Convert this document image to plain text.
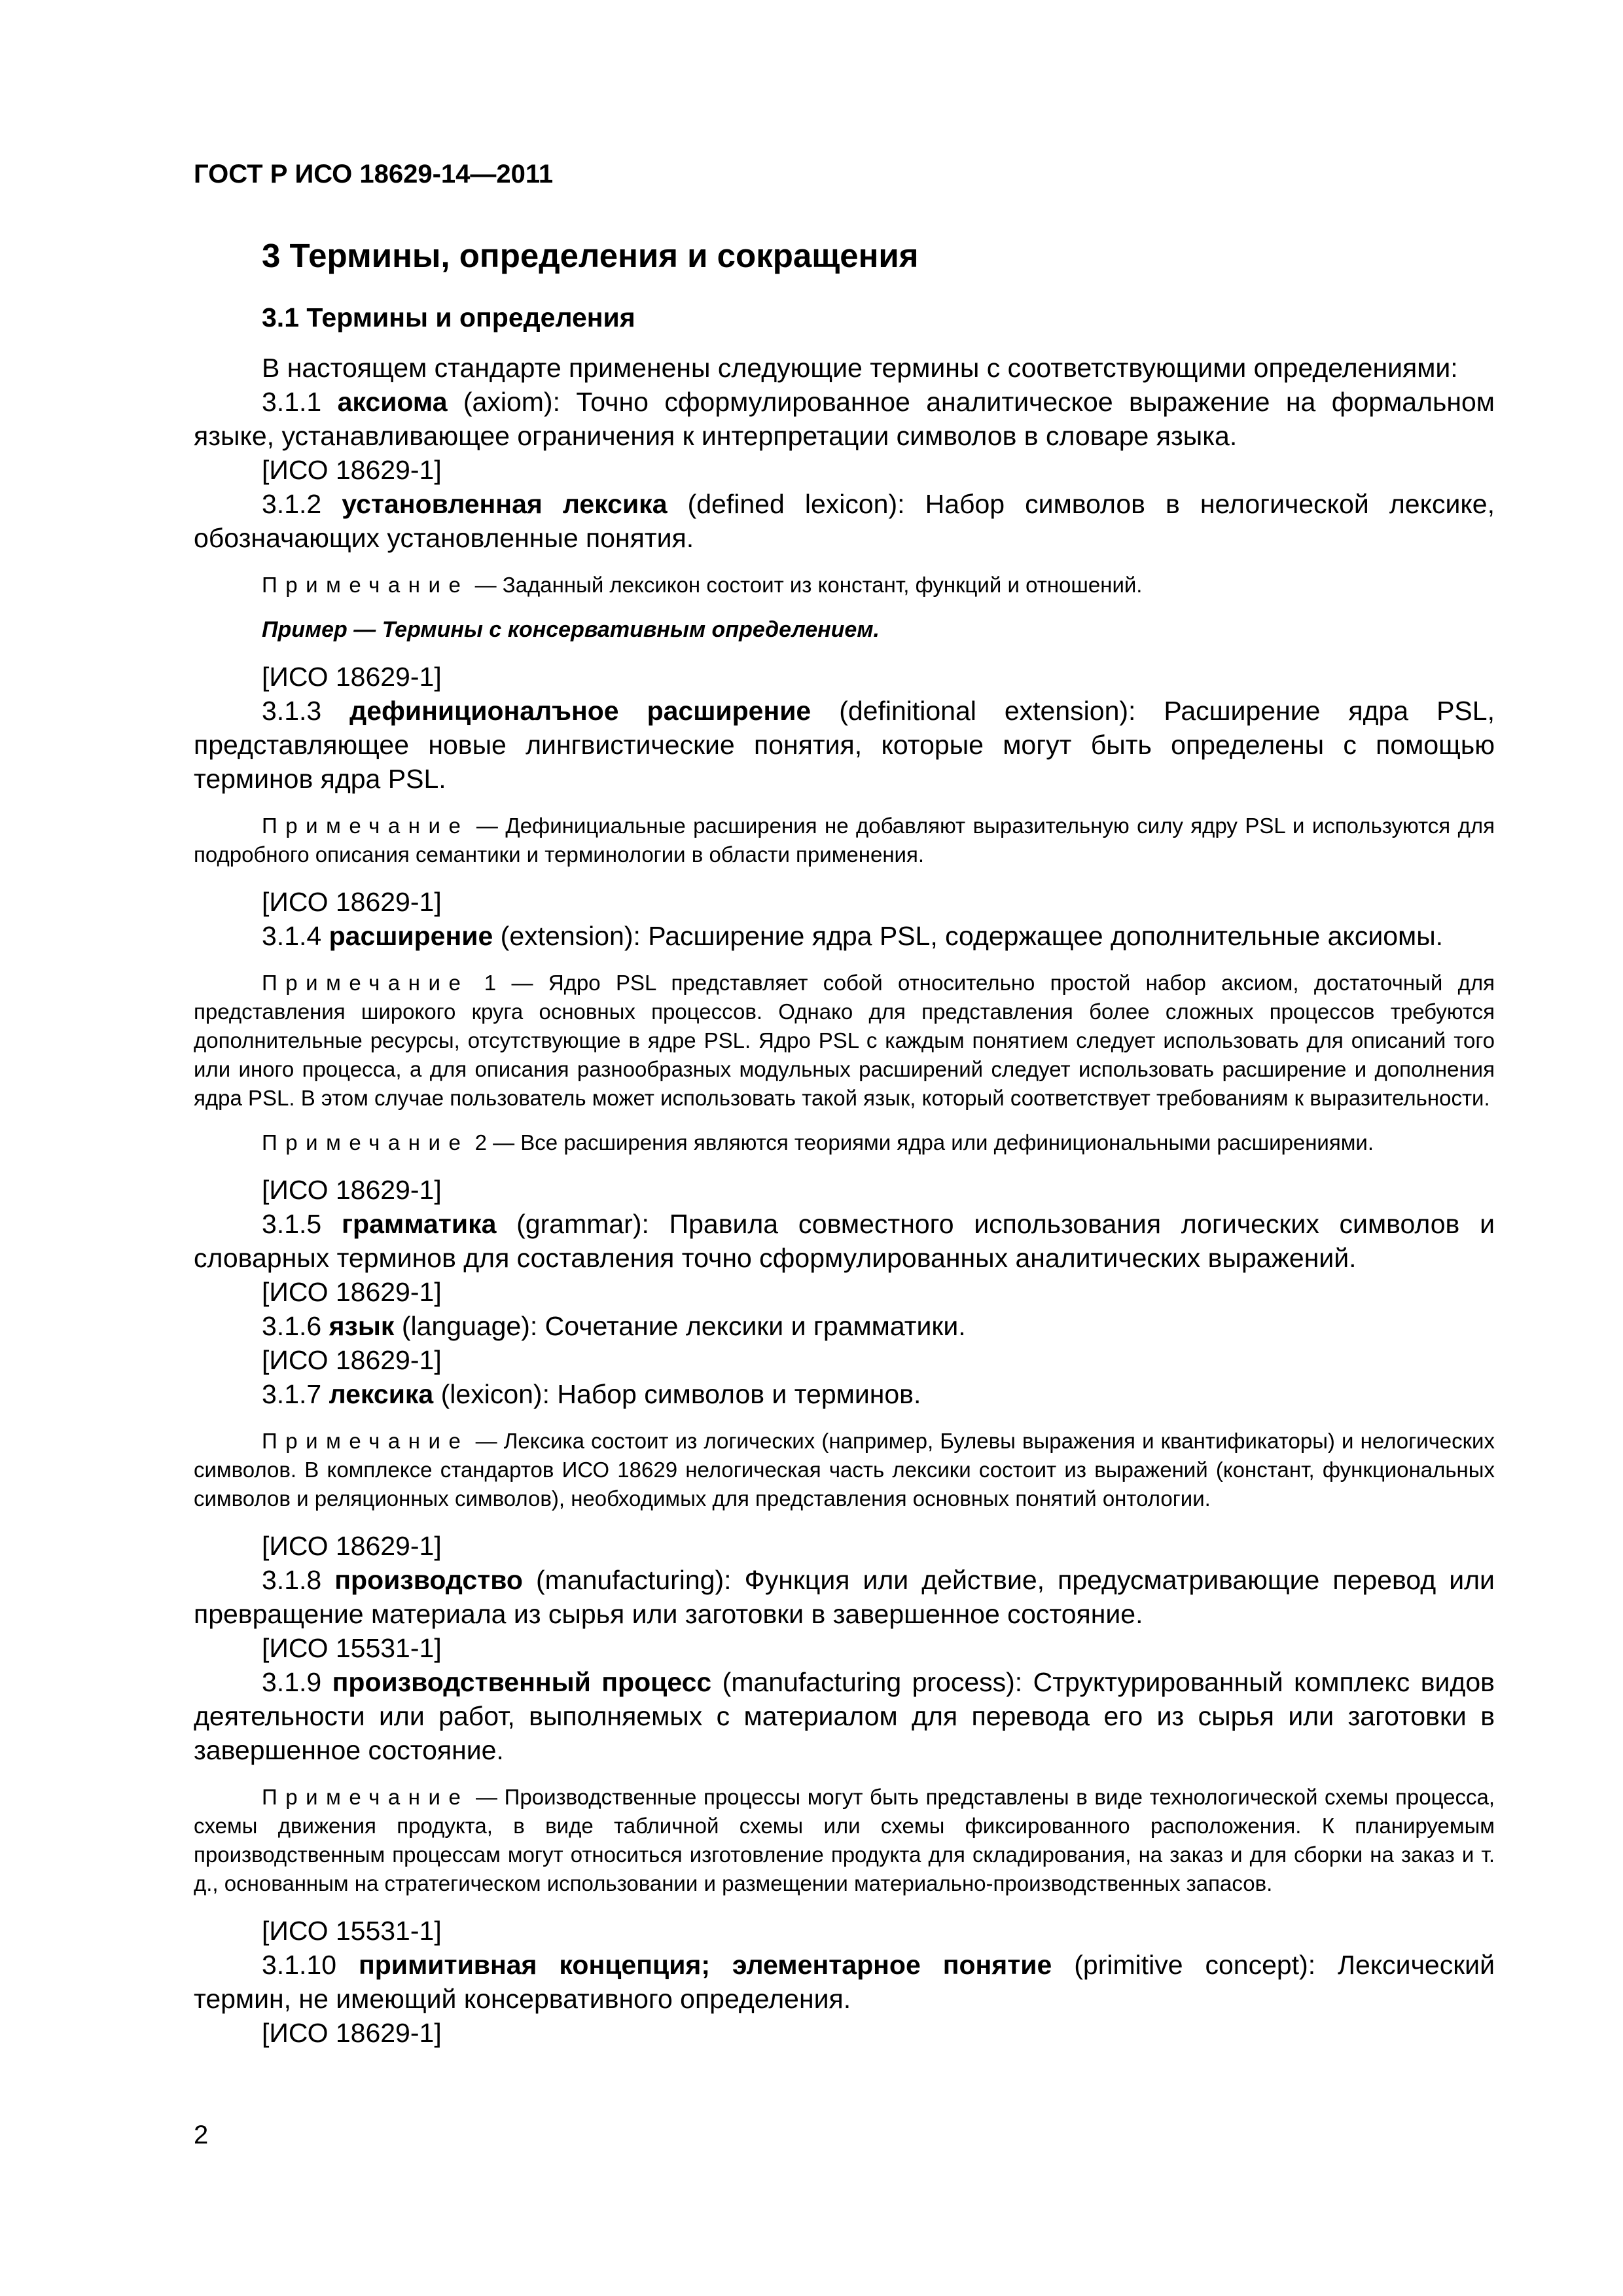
ГОСТ Р ИСО 18629-14—2011
3 Термины, определения и сокращения
3.1 Термины и определения

В настоящем стандарте применены следующие термины с соответствующими определениями:

3.1.1 аксиома (axiom): Точно сформулированное аналитическое выражение на формальном языке, устанавливающее ограничения к интерпретации символов в словаре языка.

[ИСО 18629-1]

3.1.2 установленная лексика (defined lexicon): Набор символов в нелогической лексике, обозначающих установленные понятия.

Примечание — Заданный лексикон состоит из констант, функций и отношений.

Пример — Термины с консервативным определением.

[ИСО 18629-1]

3.1.3 дефиниционалъное расширение (definitional extension): Расширение ядра PSL, представляющее новые лингвистические понятия, которые могут быть определены с помощью терминов ядра PSL.

Примечание — Дефинициальные расширения не добавляют выразительную силу ядру PSL и используются для подробного описания семантики и терминологии в области применения.

[ИСО 18629-1]

3.1.4 расширение (extension): Расширение ядра PSL, содержащее дополнительные аксиомы.

Примечание 1 — Ядро PSL представляет собой относительно простой набор аксиом, достаточный для представления широкого круга основных процессов. Однако для представления более сложных процессов требуются дополнительные ресурсы, отсутствующие в ядре PSL. Ядро PSL с каждым понятием следует использовать для описаний того или иного процесса, а для описания разнообразных модульных расширений следует использовать расширение и дополнения ядра PSL. В этом случае пользователь может использовать такой язык, который соответствует требованиям к выразительности.

Примечание 2 — Все расширения являются теориями ядра или дефинициональными расширениями.

[ИСО 18629-1]

3.1.5 грамматика (grammar): Правила совместного использования логических символов и словарных терминов для составления точно сформулированных аналитических выражений.

[ИСО 18629-1]

3.1.6 язык (language): Сочетание лексики и грамматики.

[ИСО 18629-1]

3.1.7 лексика (lexicon): Набор символов и терминов.

Примечание — Лексика состоит из логических (например, Булевы выражения и квантификаторы) и нелогических символов. В комплексе стандартов ИСО 18629 нелогическая часть лексики состоит из выражений (констант, функциональных символов и реляционных символов), необходимых для представления основных понятий онтологии.

[ИСО 18629-1]

3.1.8 производство (manufacturing): Функция или действие, предусматривающие перевод или превращение материала из сырья или заготовки в завершенное состояние.

[ИСО 15531-1]

3.1.9 производственный процесс (manufacturing process): Структурированный комплекс видов деятельности или работ, выполняемых с материалом для перевода его из сырья или заготовки в завершенное состояние.

Примечание — Производственные процессы могут быть представлены в виде технологической схемы процесса, схемы движения продукта, в виде табличной схемы или схемы фиксированного расположения. К планируемым производственным процессам могут относиться изготовление продукта для складирования, на заказ и для сборки на заказ и т. д., основанным на стратегическом использовании и размещении материально-производственных запасов.

[ИСО 15531-1]

3.1.10 примитивная концепция; элементарное понятие (primitive concept): Лексический термин, не имеющий консервативного определения.

[ИСО 18629-1]

2
